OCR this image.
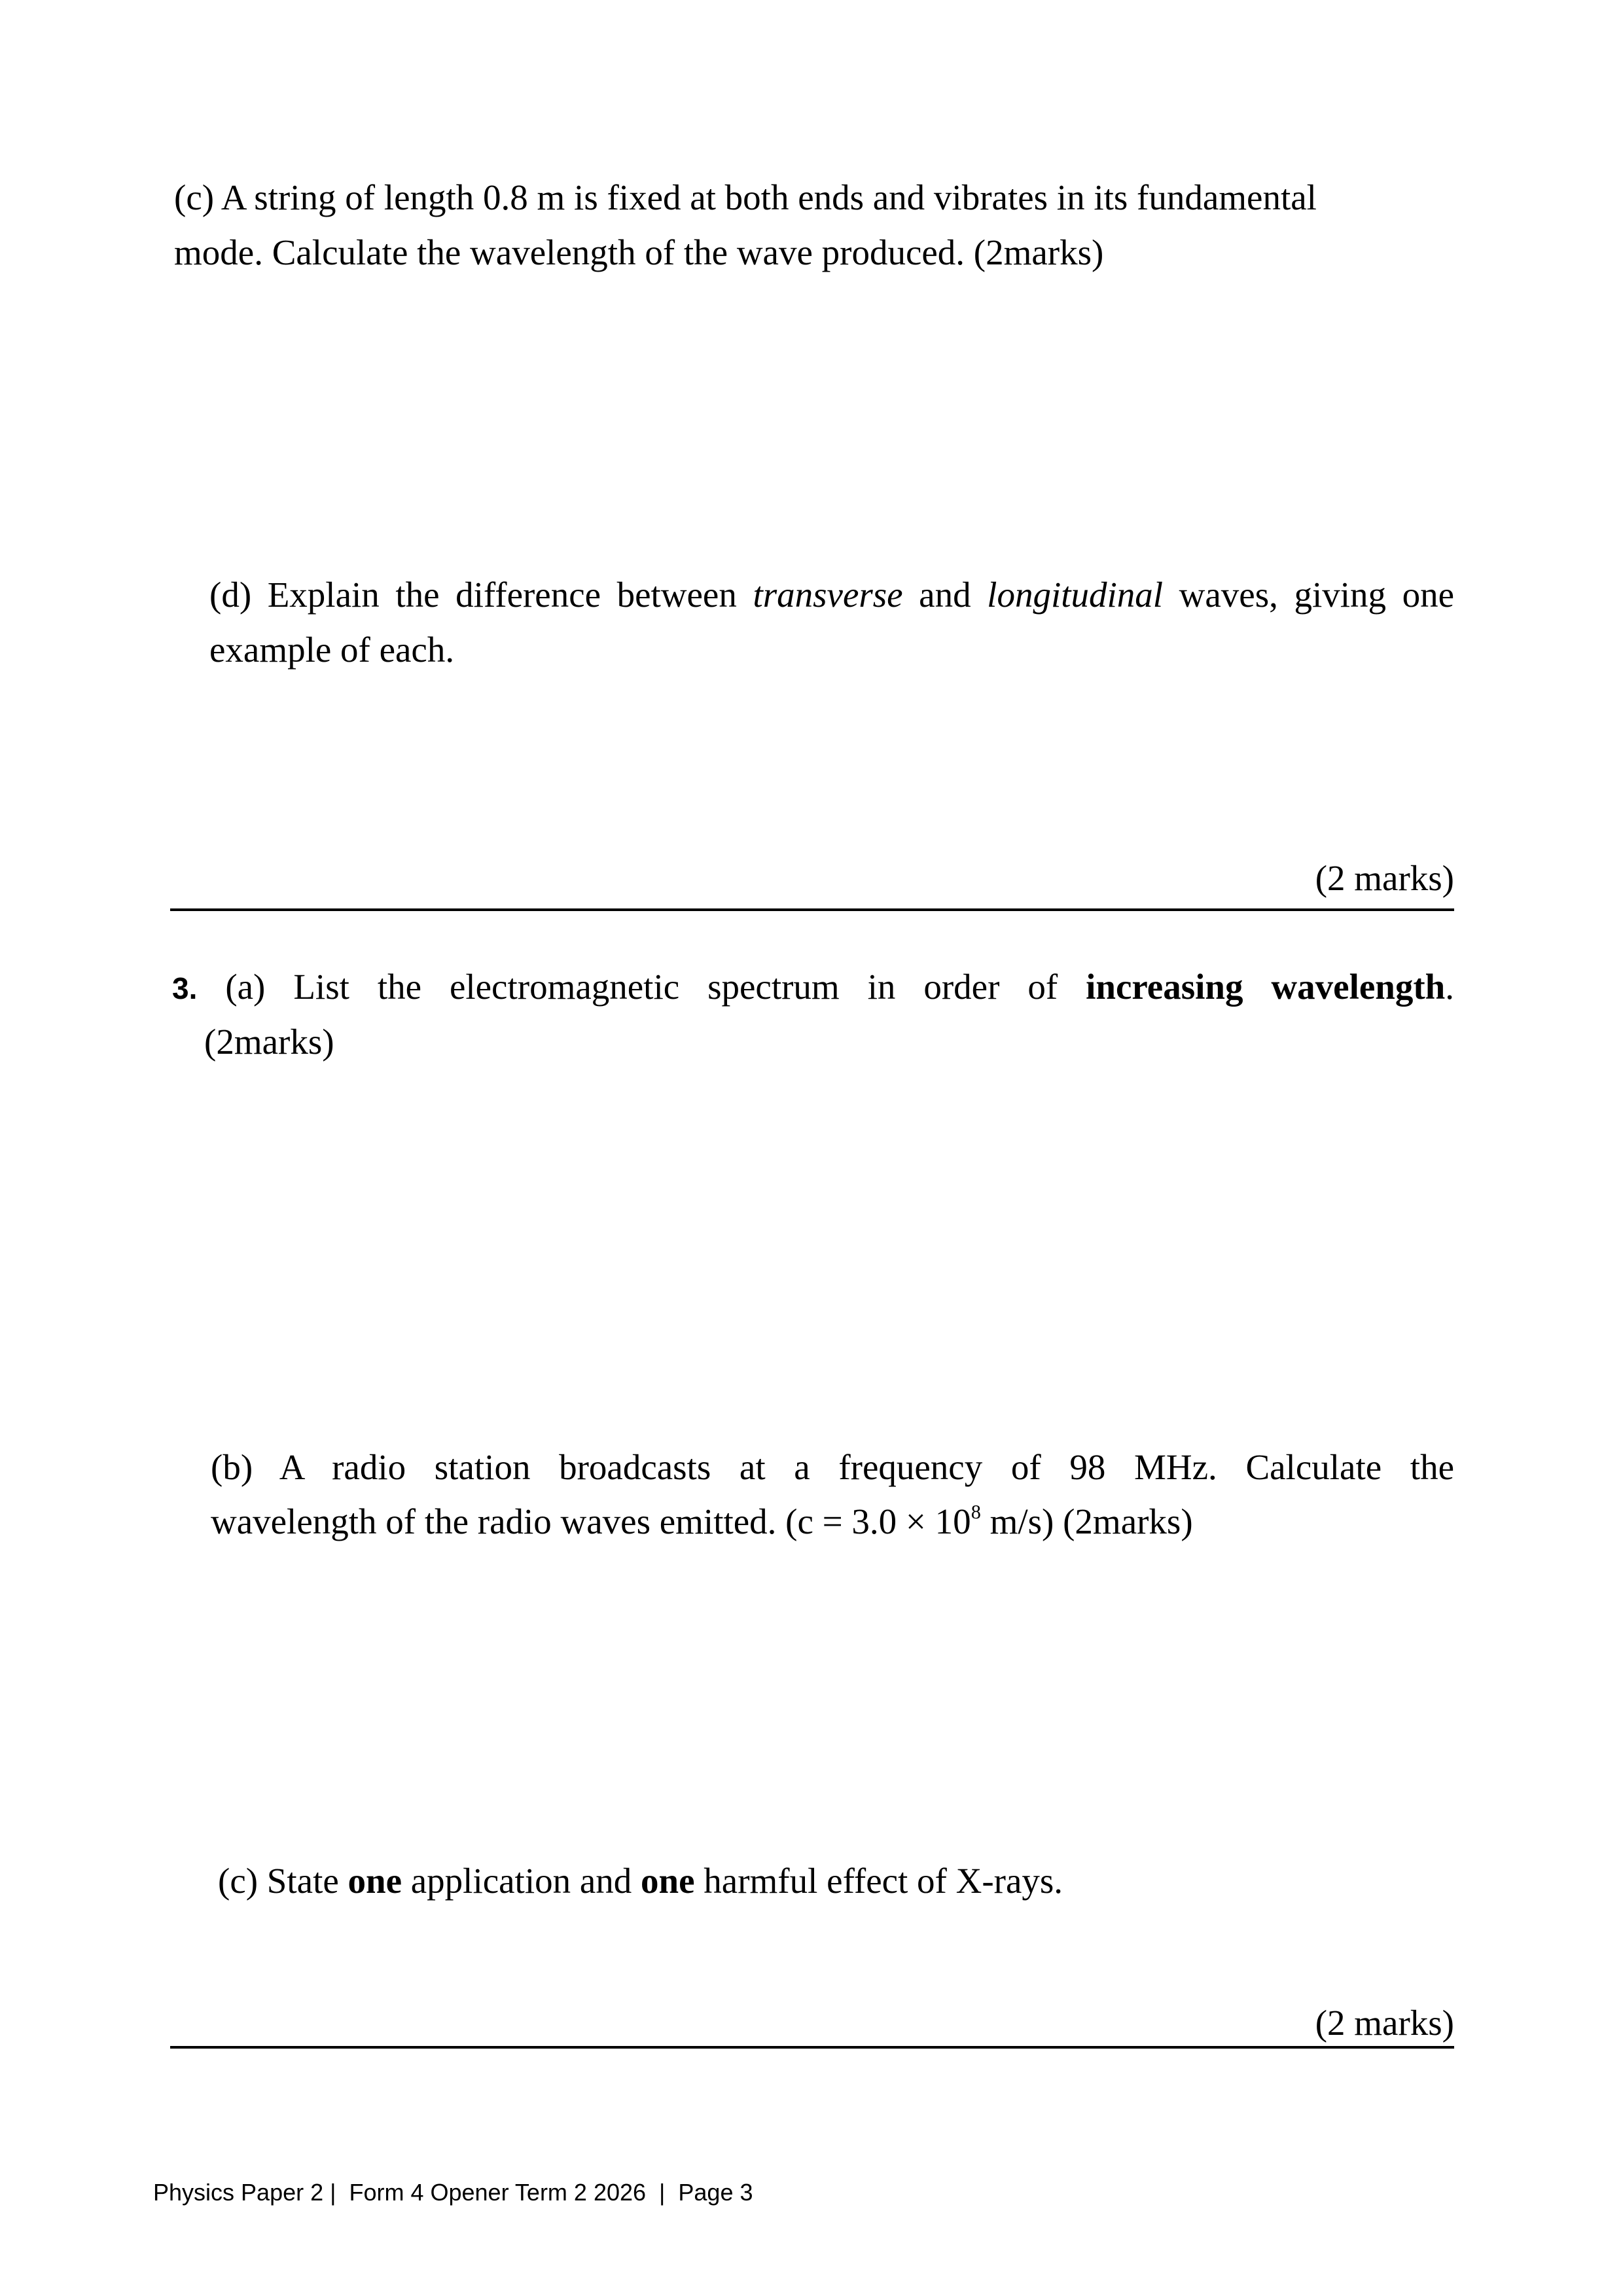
(c) A string of length 0.8 m is fixed at both ends and vibrates in its fundamental
mode. Calculate the wavelength of the wave produced. (2marks)
(d) Explain the difference between transverse and longitudinal waves, giving one
example of each.
(2 marks)
3. (a) List the electromagnetic spectrum in order of increasing wavelength.
(2marks)
(b) A radio station broadcasts at a frequency of 98 MHz. Calculate the
wavelength of the radio waves emitted. ($c = 3.0 \times 10^8$ m/s) (2marks)
(c) State one application and one harmful effect of X-rays.
(2 marks)
Physics Paper 2 |  Form 4 Opener Term 2 2026  |  Page 3
